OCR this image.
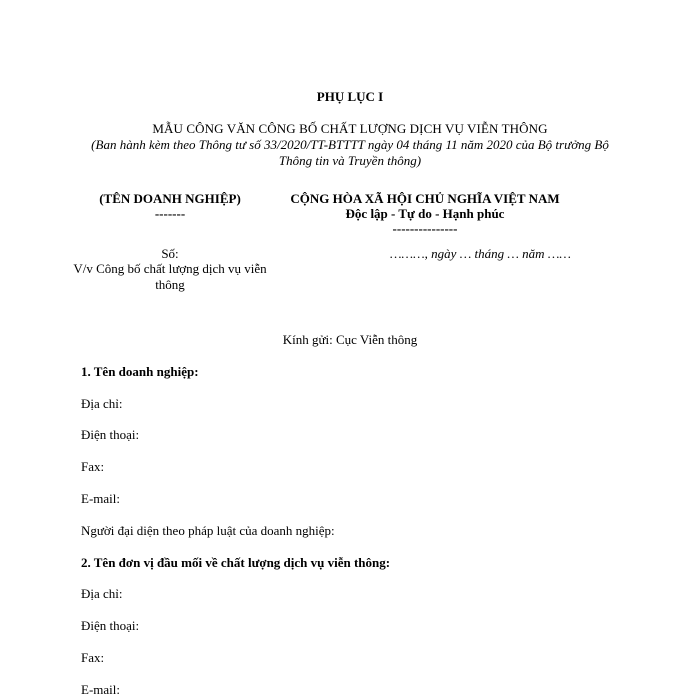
PHỤ LỤC I
MẪU CÔNG VĂN CÔNG BỐ CHẤT LƯỢNG DỊCH VỤ VIỄN THÔNG
(Ban hành kèm theo Thông tư số 33/2020/TT-BTTTT ngày 04 tháng 11 năm 2020 của Bộ trưởng Bộ Thông tin và Truyền thông)
(TÊN DOANH NGHIỆP)
-------
CỘNG HÒA XÃ HỘI CHỦ NGHĨA VIỆT NAM
Độc lập - Tự do - Hạnh phúc
---------------
Số:
V/v Công bố chất lượng dịch vụ viễn thông
………, ngày … tháng … năm ……
Kính gửi: Cục Viễn thông
1. Tên doanh nghiệp:
Địa chỉ:
Điện thoại:
Fax:
E-mail:
Người đại diện theo pháp luật của doanh nghiệp:
2. Tên đơn vị đầu mối về chất lượng dịch vụ viễn thông:
Địa chỉ:
Điện thoại:
Fax:
E-mail:
